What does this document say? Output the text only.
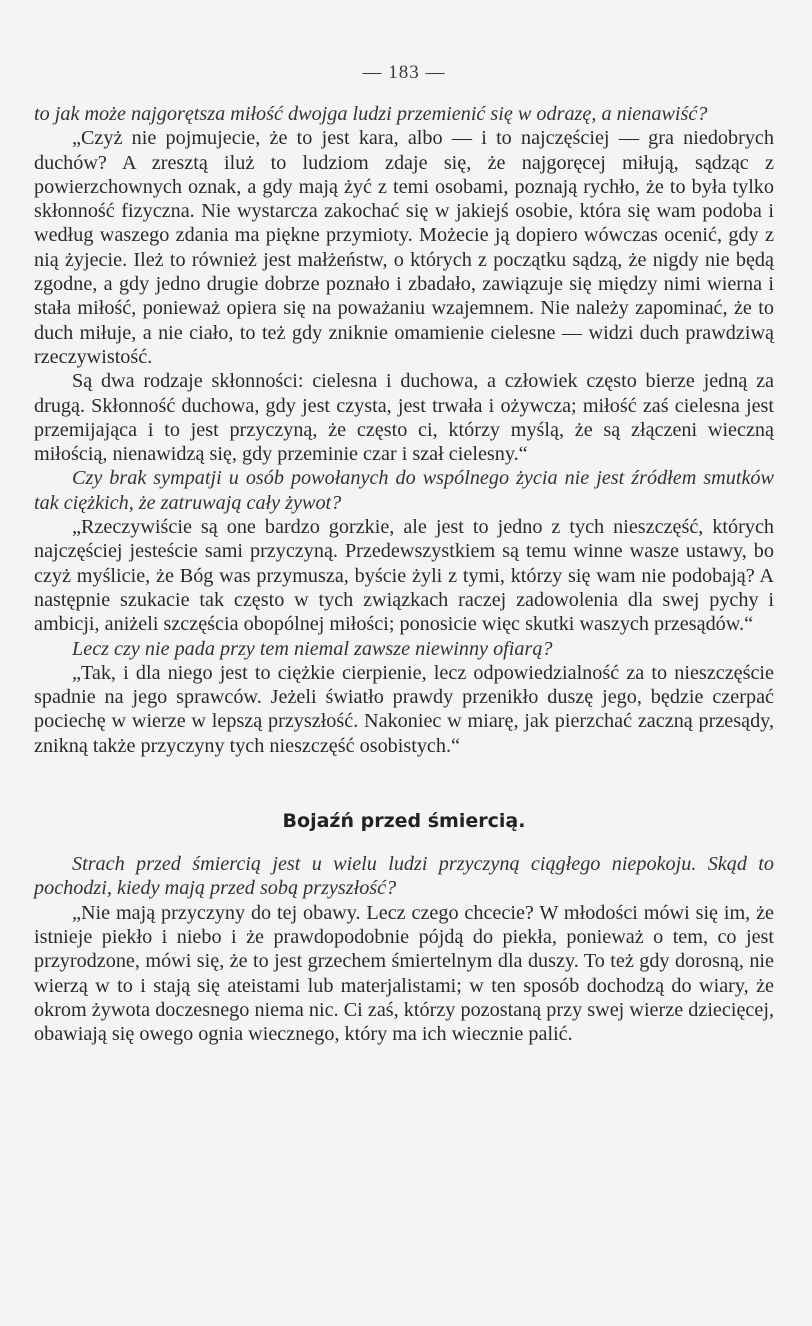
— 183 —

to jak może najgorętsza miłość dwojga ludzi przemienić się w odrazę, a nienawiść?

„Czyż nie pojmujecie, że to jest kara, albo — i to najczęściej — gra niedobrych duchów? A zresztą iluż to ludziom zdaje się, że najgoręcej miłują, sądząc z powierzchownych oznak, a gdy mają żyć z temi osobami, poznają rychło, że to była tylko skłonność fizyczna. Nie wystarcza zakochać się w jakiejś osobie, która się wam podoba i według waszego zdania ma piękne przymioty. Możecie ją dopiero wówczas ocenić, gdy z nią żyjecie. Ileż to również jest małżeństw, o których z początku sądzą, że nigdy nie będą zgodne, a gdy jedno drugie dobrze poznało i zbadało, zawiązuje się między nimi wierna i stała miłość, ponieważ opiera się na poważaniu wzajemnem. Nie należy zapominać, że to duch miłuje, a nie ciało, to też gdy zniknie omamienie cielesne — widzi duch prawdziwą rzeczywistość.

Są dwa rodzaje skłonności: cielesna i duchowa, a człowiek często bierze jedną za drugą. Skłonność duchowa, gdy jest czysta, jest trwała i ożywcza; miłość zaś cielesna jest przemijająca i to jest przyczyną, że często ci, którzy myślą, że są złączeni wieczną miłością, nienawidzą się, gdy przeminie czar i szał cielesny.“

Czy brak sympatji u osób powołanych do wspólnego życia nie jest źródłem smutków tak ciężkich, że zatruwają cały żywot?

„Rzeczywiście są one bardzo gorzkie, ale jest to jedno z tych nieszczęść, których najczęściej jesteście sami przyczyną. Przedewszystkiem są temu winne wasze ustawy, bo czyż myślicie, że Bóg was przymusza, byście żyli z tymi, którzy się wam nie podobają? A następnie szukacie tak często w tych związkach raczej zadowolenia dla swej pychy i ambicji, aniżeli szczęścia obopólnej miłości; ponosicie więc skutki waszych przesądów.“

Lecz czy nie pada przy tem niemal zawsze niewinny ofiarą?

„Tak, i dla niego jest to ciężkie cierpienie, lecz odpowiedzialność za to nieszczęście spadnie na jego sprawców. Jeżeli światło prawdy przenikło duszę jego, będzie czerpać pociechę w wierze w lepszą przyszłość. Nakoniec w miarę, jak pierzchać zaczną przesądy, znikną także przyczyny tych nieszczęść osobistych.“

Bojaźń przed śmiercią.

Strach przed śmiercią jest u wielu ludzi przyczyną ciągłego niepokoju. Skąd to pochodzi, kiedy mają przed sobą przyszłość?

„Nie mają przyczyny do tej obawy. Lecz czego chcecie? W młodości mówi się im, że istnieje piekło i niebo i że prawdopodobnie pójdą do piekła, ponieważ o tem, co jest przyrodzone, mówi się, że to jest grzechem śmiertelnym dla duszy. To też gdy dorosną, nie wierzą w to i stają się ateistami lub materjalistami; w ten sposób dochodzą do wiary, że okrom żywota doczesnego niema nic. Ci zaś, którzy pozostaną przy swej wierze dziecięcej, obawiają się owego ognia wiecznego, który ma ich wiecznie palić.
